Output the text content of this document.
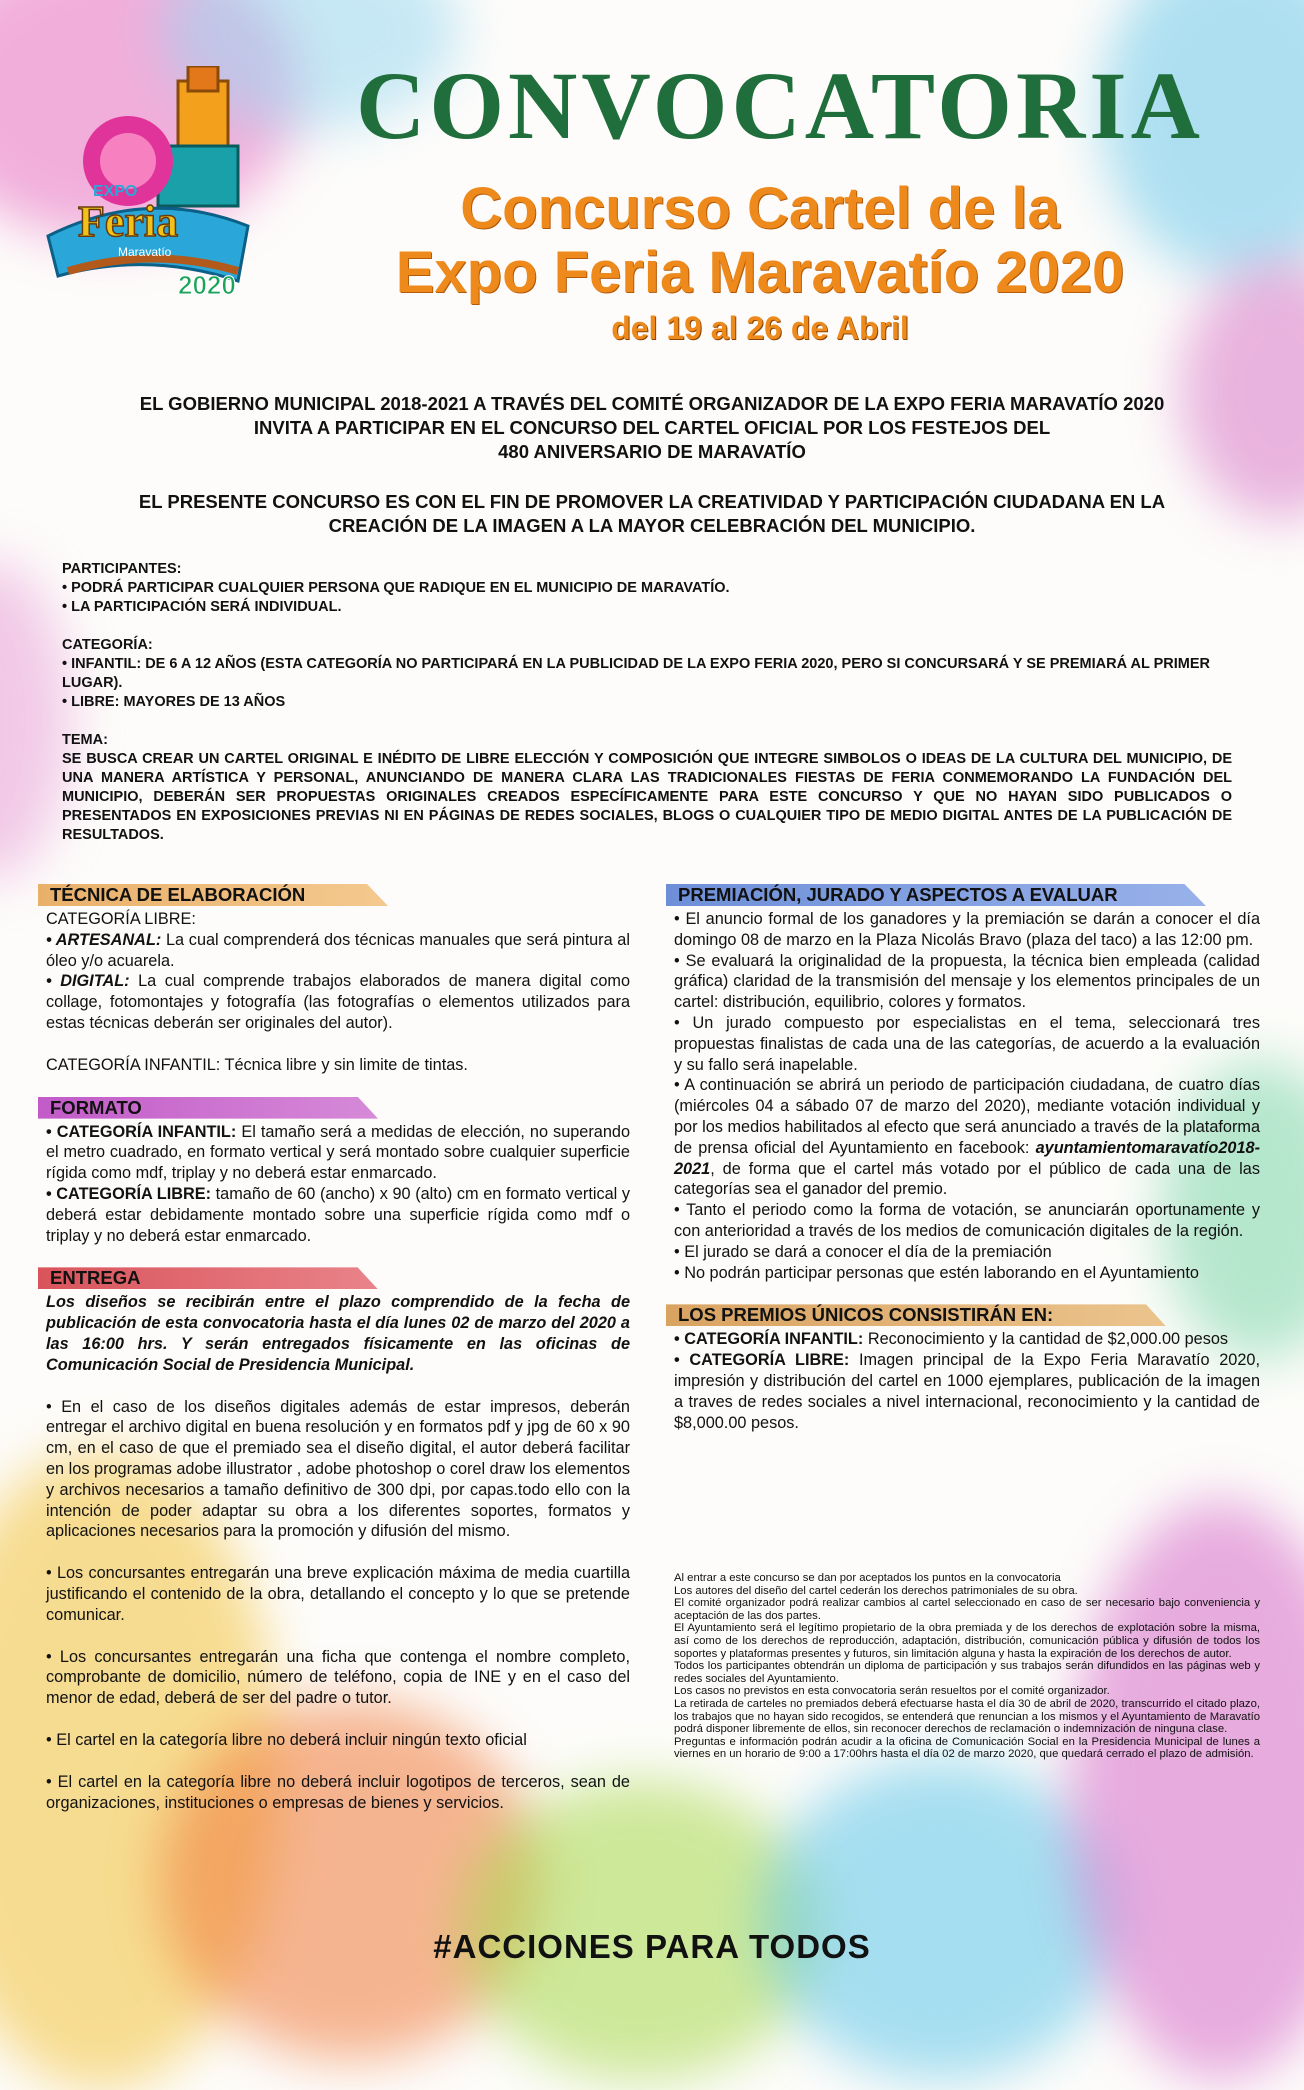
EXPO
Feria
Maravatío
2020
CONVOCATORIA
Concurso Cartel de la
Expo Feria Maravatío 2020
del 19 al 26 de Abril
EL GOBIERNO MUNICIPAL 2018-2021 A TRAVÉS DEL COMITÉ ORGANIZADOR DE LA EXPO FERIA MARAVATÍO 2020
INVITA A PARTICIPAR EN EL CONCURSO DEL CARTEL OFICIAL POR LOS FESTEJOS DEL
480 ANIVERSARIO DE MARAVATÍO
EL PRESENTE CONCURSO ES CON EL FIN DE PROMOVER LA CREATIVIDAD Y PARTICIPACIÓN CIUDADANA EN LA
CREACIÓN DE LA IMAGEN A LA MAYOR CELEBRACIÓN DEL MUNICIPIO.

PARTICIPANTES:

• PODRÁ PARTICIPAR CUALQUIER PERSONA QUE RADIQUE EN EL MUNICIPIO DE MARAVATÍO.

• LA PARTICIPACIÓN SERÁ INDIVIDUAL.

CATEGORÍA:

• INFANTIL: DE 6 A 12 AÑOS (ESTA CATEGORÍA NO PARTICIPARÁ EN LA PUBLICIDAD DE LA EXPO FERIA 2020, PERO SI CONCURSARÁ Y SE PREMIARÁ AL PRIMER LUGAR).

• LIBRE: MAYORES DE 13 AÑOS

TEMA:

SE BUSCA CREAR UN CARTEL ORIGINAL E INÉDITO DE LIBRE ELECCIÓN Y COMPOSICIÓN QUE INTEGRE SIMBOLOS O IDEAS DE LA CULTURA DEL MUNICIPIO, DE UNA MANERA ARTÍSTICA Y PERSONAL, ANUNCIANDO DE MANERA CLARA LAS TRADICIONALES FIESTAS DE FERIA CONMEMORANDO LA FUNDACIÓN DEL MUNICIPIO, DEBERÁN SER PROPUESTAS ORIGINALES CREADOS ESPECÍFICAMENTE PARA ESTE CONCURSO Y QUE NO HAYAN SIDO PUBLICADOS O PRESENTADOS EN EXPOSICIONES PREVIAS NI EN PÁGINAS DE REDES SOCIALES, BLOGS O CUALQUIER TIPO DE MEDIO DIGITAL ANTES DE LA PUBLICACIÓN DE RESULTADOS.

TÉCNICA DE ELABORACIÓN

CATEGORÍA LIBRE:

• ARTESANAL: La cual comprenderá dos técnicas manuales que será pintura al óleo y/o acuarela.

• DIGITAL: La cual comprende trabajos elaborados de manera digital como collage, fotomontajes y fotografía (las fotografías o elementos utilizados para estas técnicas deberán ser originales del autor).

CATEGORÍA INFANTIL: Técnica libre y sin limite de tintas.

FORMATO

• CATEGORÍA INFANTIL: El tamaño será a medidas de elección, no superando el metro cuadrado, en formato vertical y será montado sobre cualquier superficie rígida como mdf, triplay y no deberá estar enmarcado.

• CATEGORÍA LIBRE: tamaño de 60 (ancho) x 90 (alto) cm en formato vertical y deberá estar debidamente montado sobre una superficie rígida como mdf o triplay y no deberá estar enmarcado.

ENTREGA

Los diseños se recibirán entre el plazo comprendido de la fecha de publicación de esta convocatoria hasta el día lunes 02 de marzo del 2020 a las 16:00 hrs. Y serán entregados físicamente en las oficinas de Comunicación Social de Presidencia Municipal.

• En el caso de los diseños digitales además de estar impresos, deberán entregar el archivo digital en buena resolución y en formatos pdf y jpg de 60 x 90 cm, en el caso de que el premiado sea el diseño digital, el autor deberá facilitar en los programas adobe illustrator , adobe photoshop o corel draw los elementos y archivos necesarios a tamaño definitivo de 300 dpi, por capas.todo ello con la intención de poder adaptar su obra a los diferentes soportes, formatos y aplicaciones necesarios para la promoción y difusión del mismo.

• Los concursantes entregarán una breve explicación máxima de media cuartilla justificando el contenido de la obra, detallando el concepto y lo que se pretende comunicar.

• Los concursantes entregarán una ficha que contenga el nombre completo, comprobante de domicilio, número de teléfono, copia de INE y en el caso del menor de edad, deberá de ser del padre o tutor.

• El cartel en la categoría libre no deberá incluir ningún texto oficial

• El cartel en la categoría libre no deberá incluir logotipos de terceros, sean de organizaciones, instituciones o empresas de bienes y servicios.

PREMIACIÓN, JURADO Y ASPECTOS A EVALUAR

• El anuncio formal de los ganadores y la premiación se darán a conocer el día domingo 08 de marzo en la Plaza Nicolás Bravo (plaza del taco) a las 12:00 pm.

• Se evaluará la originalidad de la propuesta, la técnica bien empleada (calidad gráfica) claridad de la transmisión del mensaje y los elementos principales de un cartel: distribución, equilibrio, colores y formatos.

• Un jurado compuesto por especialistas en el tema, seleccionará tres propuestas finalistas de cada una de las categorías, de acuerdo a la evaluación y su fallo será inapelable.

• A continuación se abrirá un periodo de participación ciudadana, de cuatro días (miércoles 04 a sábado 07 de marzo del 2020), mediante votación individual y por los medios habilitados al efecto que será anunciado a través de la plataforma de prensa oficial del Ayuntamiento en facebook: ayuntamientomaravatío2018-2021, de forma que el cartel más votado por el público de cada una de las categorías sea el ganador del premio.

• Tanto el periodo como la forma de votación, se anunciarán oportunamente y con anterioridad a través de los medios de comunicación digitales de la región.

• El jurado se dará a conocer el día de la premiación

• No podrán participar personas que estén laborando en el Ayuntamiento

LOS PREMIOS ÚNICOS CONSISTIRÁN EN:

• CATEGORÍA INFANTIL: Reconocimiento y la cantidad de $2,000.00 pesos

• CATEGORÍA LIBRE: Imagen principal de la Expo Feria Maravatío 2020, impresión y distribución del cartel en 1000 ejemplares, publicación de la imagen a traves de redes sociales a nivel internacional, reconocimiento y la cantidad de $8,000.00 pesos.

Al entrar a este concurso se dan por aceptados los puntos en la convocatoria

Los autores del diseño del cartel cederán los derechos patrimoniales de su obra.

El comité organizador podrá realizar cambios al cartel seleccionado en caso de ser necesario bajo conveniencia y aceptación de las dos partes.

El Ayuntamiento será el legítimo propietario de la obra premiada y de los derechos de explotación sobre la misma, así como de los derechos de reproducción, adaptación, distribución, comunicación pública y difusión de todos los soportes y plataformas presentes y futuros, sin limitación alguna y hasta la expiración de los derechos de autor.

Todos los participantes obtendrán un diploma de participación y sus trabajos serán difundidos en las páginas web y redes sociales del Ayuntamiento.

Los casos no previstos en esta convocatoria serán resueltos por el comité organizador.

La retirada de carteles no premiados deberá efectuarse hasta el día 30 de abril de 2020, transcurrido el citado plazo, los trabajos que no hayan sido recogidos, se entenderá que renuncian a los mismos y el Ayuntamiento de Maravatío podrá disponer libremente de ellos, sin reconocer derechos de reclamación o indemnización de ninguna clase.

Preguntas e información podrán acudir a la oficina de Comunicación Social en la Presidencia Municipal de lunes a viernes en un horario de 9:00 a 17:00hrs hasta el día 02 de marzo 2020, que quedará cerrado el plazo de admisión.

#ACCIONES PARA TODOS
